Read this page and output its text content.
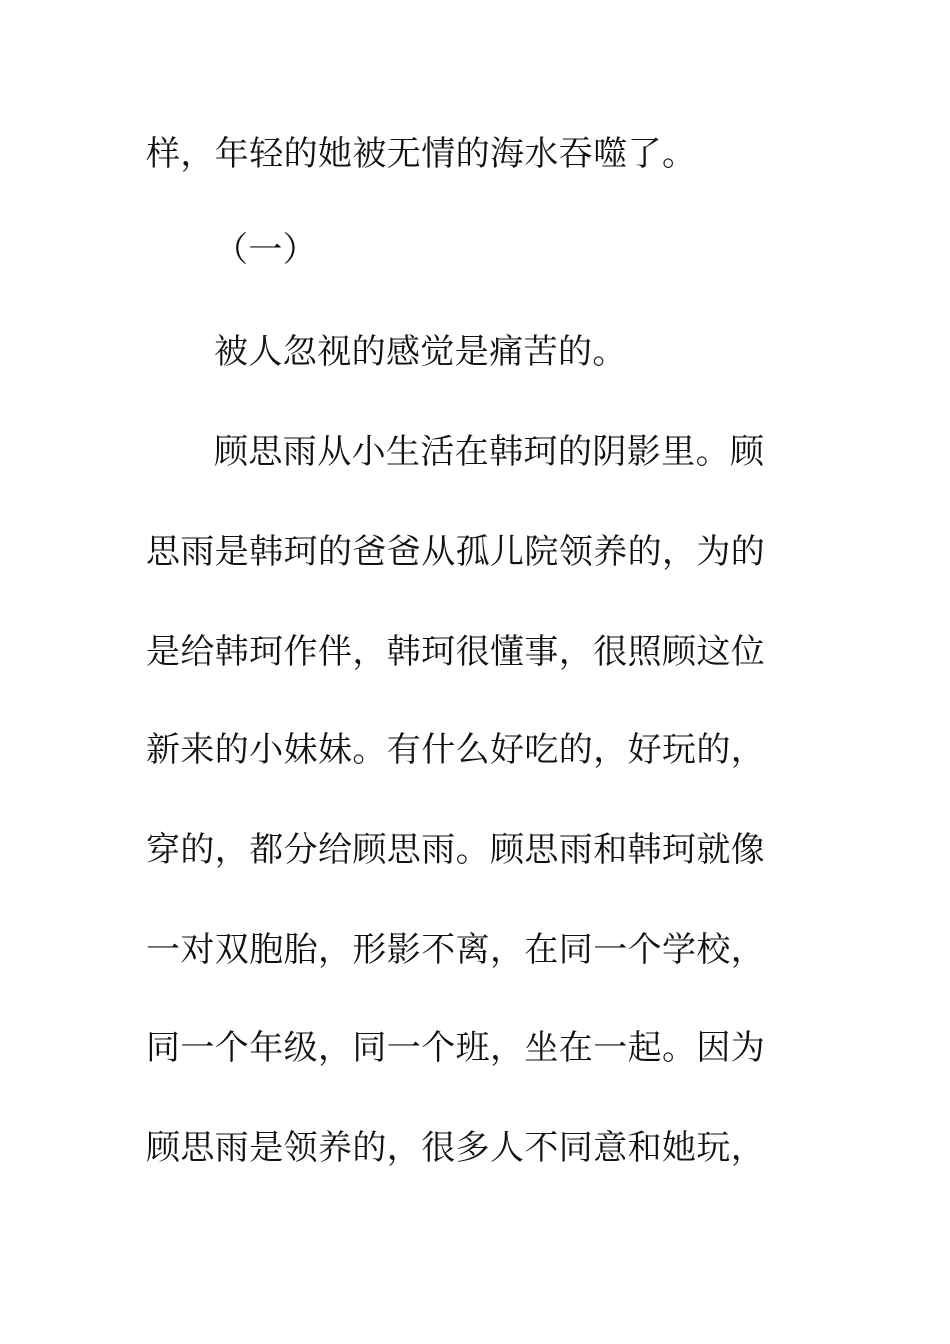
样，年轻的她被无情的海水吞噬了。
（一）
被人忽视的感觉是痛苦的。
顾思雨从小生活在韩珂的阴影里。顾
思雨是韩珂的爸爸从孤儿院领养的，为的
是给韩珂作伴，韩珂很懂事，很照顾这位
新来的小妹妹。有什么好吃的，好玩的，
穿的，都分给顾思雨。顾思雨和韩珂就像
一对双胞胎，形影不离，在同一个学校，
同一个年级，同一个班，坐在一起。因为
顾思雨是领养的，很多人不同意和她玩，
